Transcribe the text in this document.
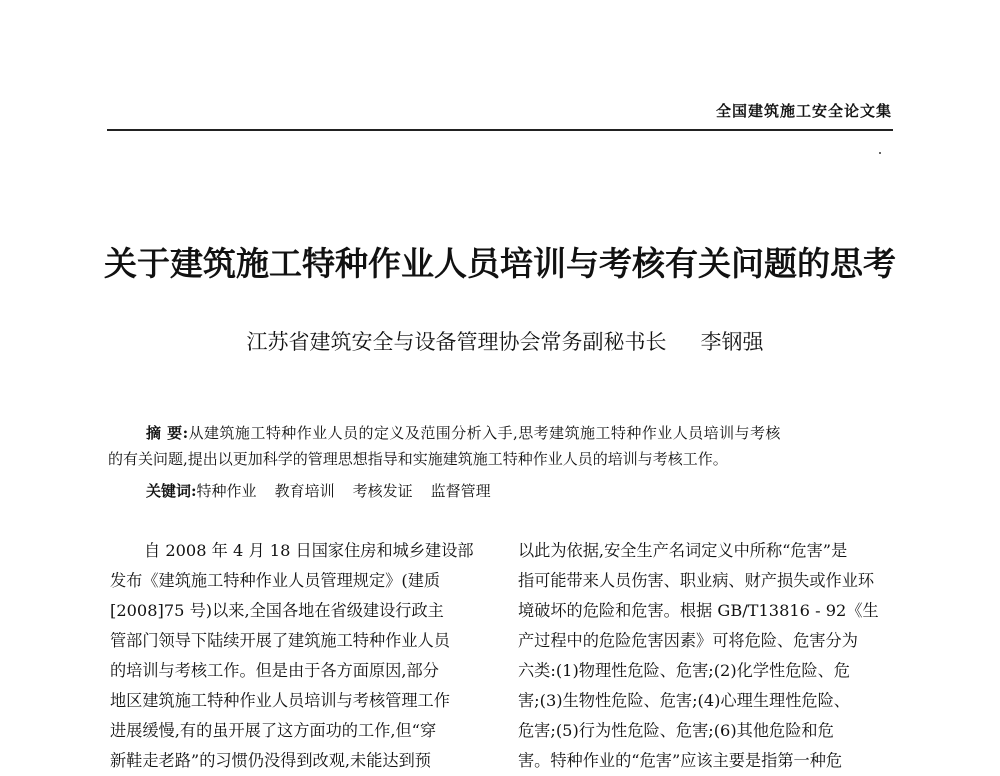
全国建筑施工安全论文集
关于建筑施工特种作业人员培训与考核有关问题的思考
江苏省建筑安全与设备管理协会常务副秘书长 李钢强
摘 要:从建筑施工特种作业人员的定义及范围分析入手,思考建筑施工特种作业人员培训与考核
的有关问题,提出以更加科学的管理思想指导和实施建筑施工特种作业人员的培训与考核工作。
关键词:特种作业 教育培训 考核发证 监督管理
自 2008 年 4 月 18 日国家住房和城乡建设部
发布《建筑施工特种作业人员管理规定》(建质
[2008]75 号)以来,全国各地在省级建设行政主
管部门领导下陆续开展了建筑施工特种作业人员
的培训与考核工作。但是由于各方面原因,部分
地区建筑施工特种作业人员培训与考核管理工作
进展缓慢,有的虽开展了这方面功的工作,但“穿
新鞋走老路”的习惯仍没得到改观,未能达到预
以此为依据,安全生产名词定义中所称“危害”是
指可能带来人员伤害、职业病、财产损失或作业环
境破坏的危险和危害。根据 GB/T13816 - 92《生
产过程中的危险危害因素》可将危险、危害分为
六类:(1)物理性危险、危害;(2)化学性危险、危
害;(3)生物性危险、危害;(4)心理生理性危险、
危害;(5)行为性危险、危害;(6)其他危险和危
害。特种作业的“危害”应该主要是指第一种危
